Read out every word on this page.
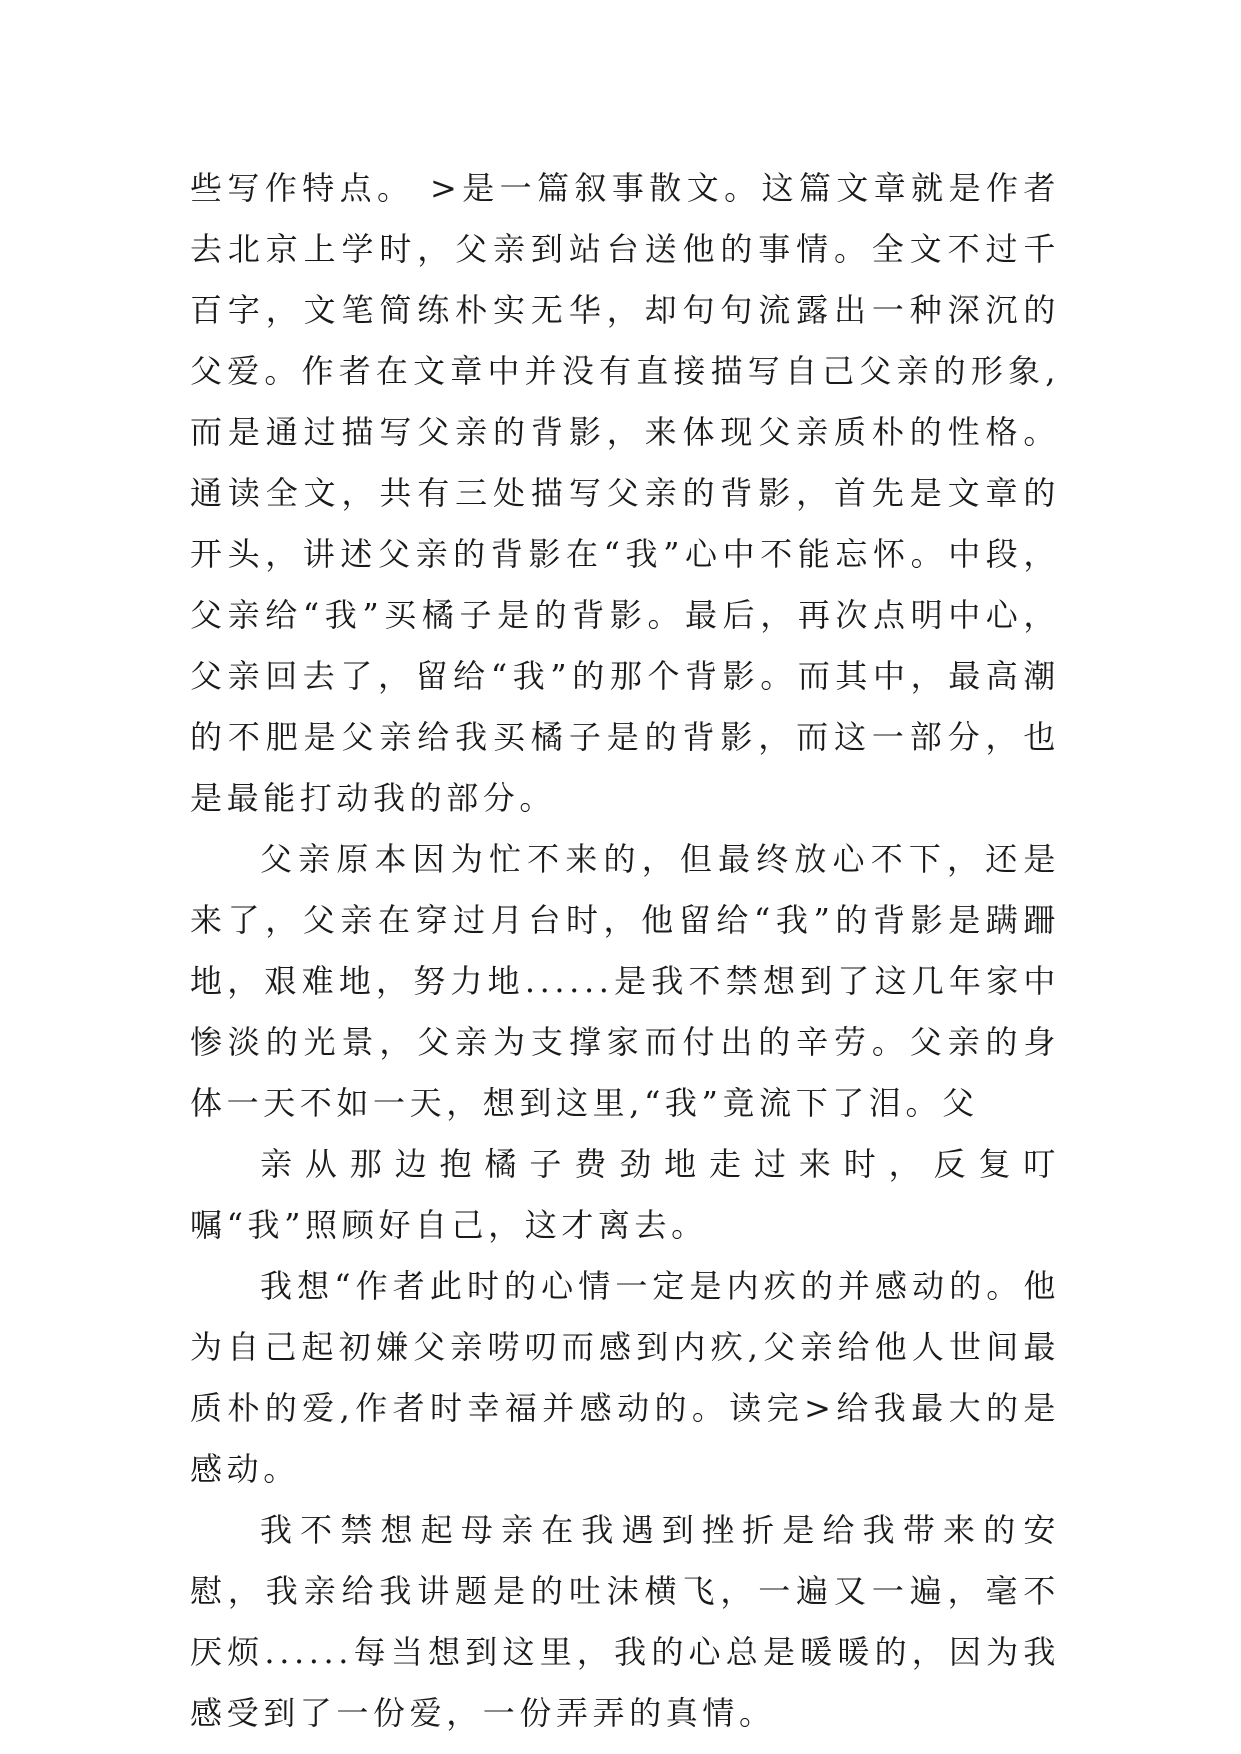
些写作特点。 >是一篇叙事散文。这篇文章就是作者去北京上学时，父亲到站台送他的事情。全文不过千百字，文笔简练朴实无华，却句句流露出一种深沉的父爱。作者在文章中并没有直接描写自己父亲的形象,而是通过描写父亲的背影，来体现父亲质朴的性格。通读全文，共有三处描写父亲的背影，首先是文章的开头，讲述父亲的背影在“我”心中不能忘怀。中段，父亲给“我”买橘子是的背影。最后，再次点明中心，父亲回去了，留给“我”的那个背影。而其中，最高潮的不肥是父亲给我买橘子是的背影，而这一部分，也是最能打动我的部分。

父亲原本因为忙不来的，但最终放心不下，还是来了，父亲在穿过月台时，他留给“我”的背影是蹒跚地，艰难地，努力地......是我不禁想到了这几年家中惨淡的光景，父亲为支撑家而付出的辛劳。父亲的身体一天不如一天，想到这里,“我”竟流下了泪。父

亲从那边抱橘子费劲地走过来时，反复叮嘱“我”照顾好自己，这才离去。

我想“作者此时的心情一定是内疚的并感动的。他为自己起初嫌父亲唠叨而感到内疚,父亲给他人世间最质朴的爱,作者时幸福并感动的。读完>给我最大的是感动。

我不禁想起母亲在我遇到挫折是给我带来的安慰，我亲给我讲题是的吐沫横飞，一遍又一遍，毫不厌烦......每当想到这里，我的心总是暖暖的，因为我感受到了一份爱，一份弄弄的真情。
